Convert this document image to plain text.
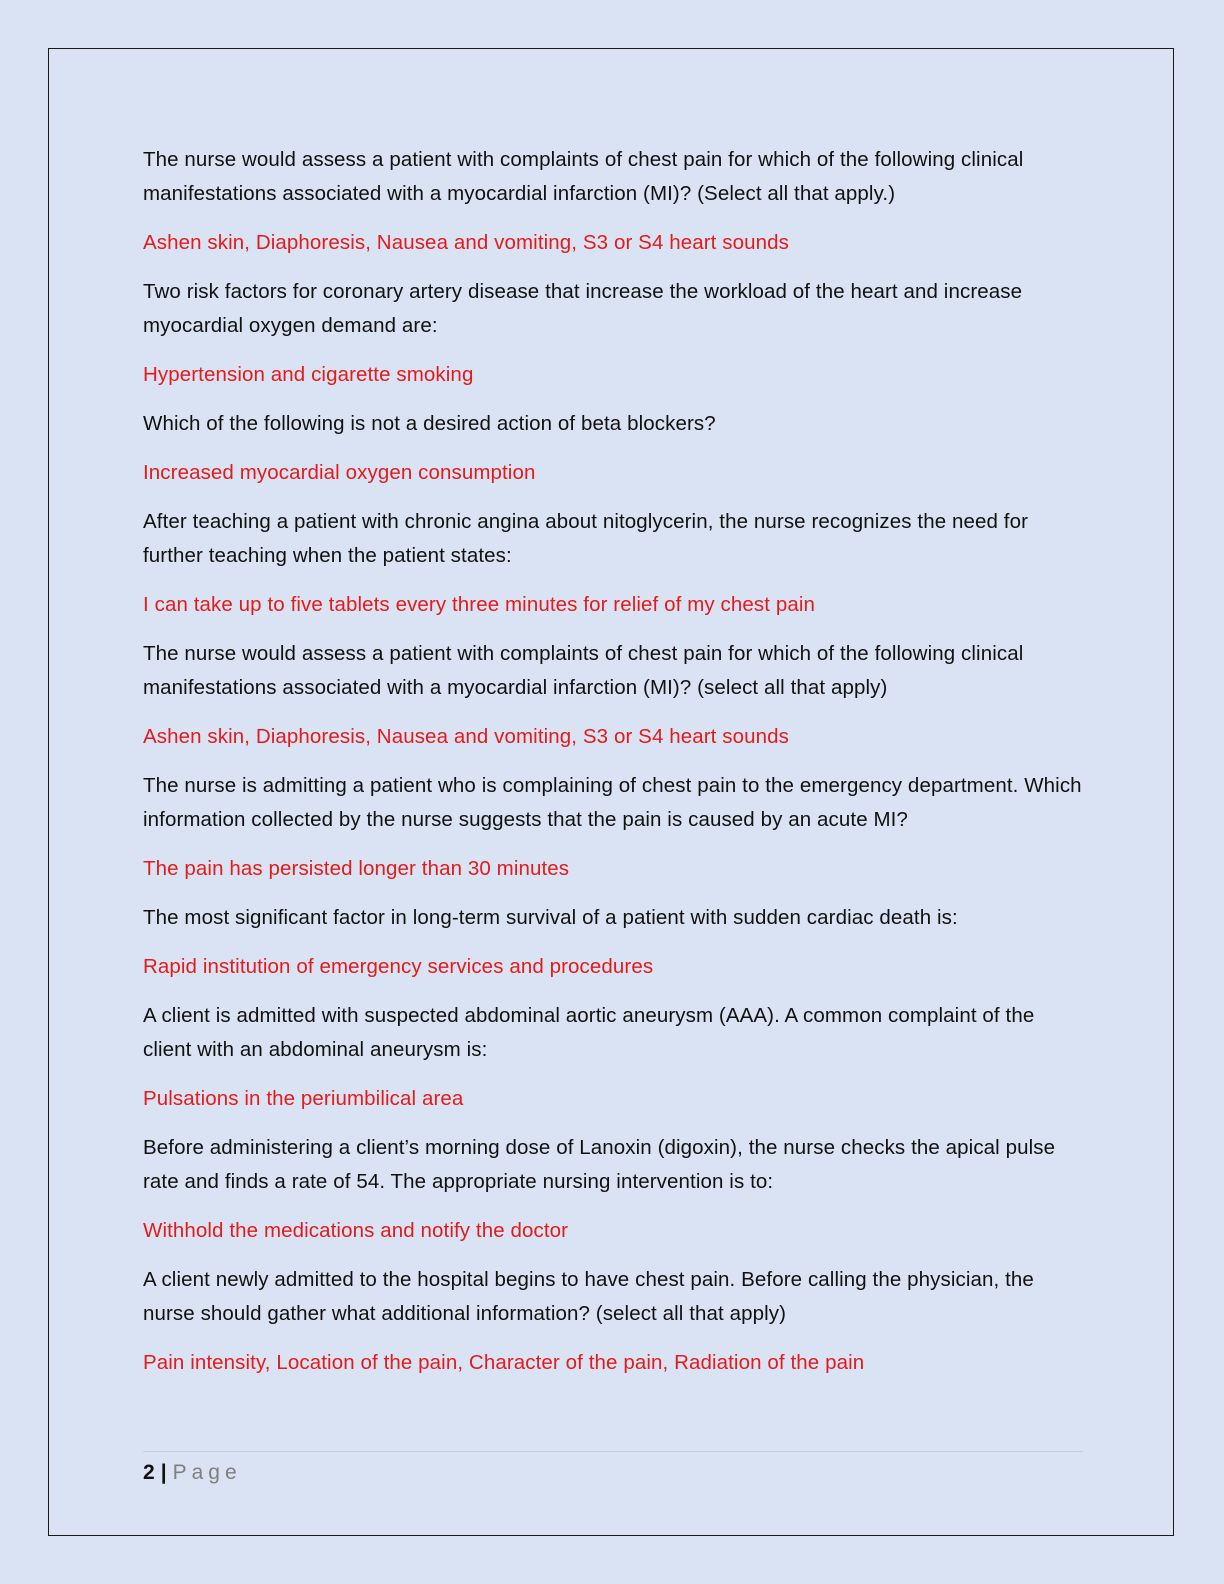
The nurse would assess a patient with complaints of chest pain for which of the following clinical manifestations associated with a myocardial infarction (MI)? (Select all that apply.)

Ashen skin, Diaphoresis, Nausea and vomiting, S3 or S4 heart sounds

Two risk factors for coronary artery disease that increase the workload of the heart and increase myocardial oxygen demand are:

Hypertension and cigarette smoking

Which of the following is not a desired action of beta blockers?

Increased myocardial oxygen consumption

After teaching a patient with chronic angina about nitoglycerin, the nurse recognizes the need for further teaching when the patient states:

I can take up to five tablets every three minutes for relief of my chest pain

The nurse would assess a patient with complaints of chest pain for which of the following clinical manifestations associated with a myocardial infarction (MI)? (select all that apply)

Ashen skin, Diaphoresis, Nausea and vomiting, S3 or S4 heart sounds

The nurse is admitting a patient who is complaining of chest pain to the emergency department. Which information collected by the nurse suggests that the pain is caused by an acute MI?

The pain has persisted longer than 30 minutes

The most significant factor in long-term survival of a patient with sudden cardiac death is:

Rapid institution of emergency services and procedures

A client is admitted with suspected abdominal aortic aneurysm (AAA). A common complaint of the client with an abdominal aneurysm is:

Pulsations in the periumbilical area

Before administering a client’s morning dose of Lanoxin (digoxin), the nurse checks the apical pulse rate and finds a rate of 54. The appropriate nursing intervention is to:

Withhold the medications and notify the doctor

A client newly admitted to the hospital begins to have chest pain. Before calling the physician, the nurse should gather what additional information? (select all that apply)

Pain intensity, Location of the pain, Character of the pain, Radiation of the pain

2 | Page
